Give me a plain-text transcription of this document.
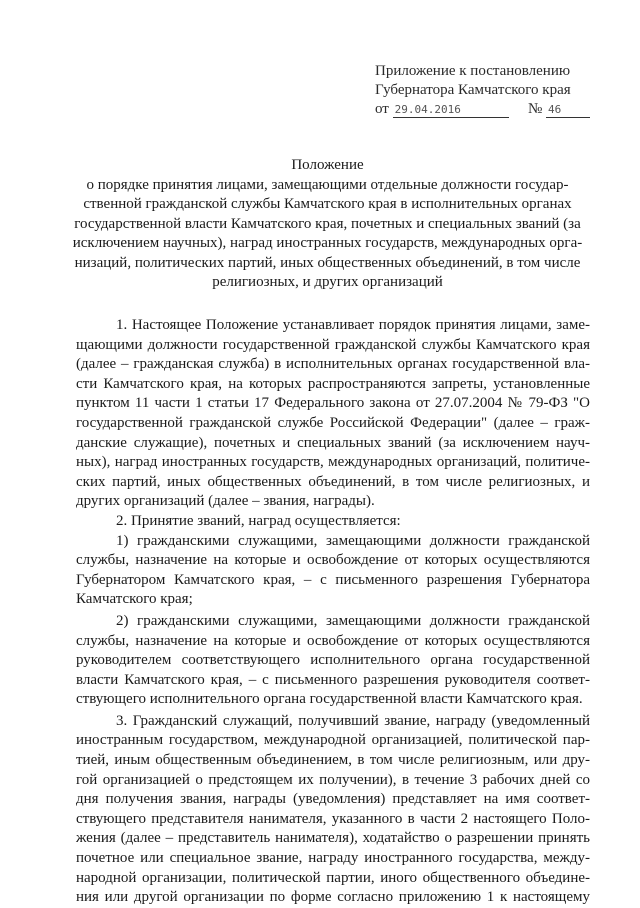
Приложение к постановлению
Губернатора Камчатского края
от 29.04.2016	№ 46
Положение
о порядке принятия лицами, замещающими отдельные должности государ-
ственной гражданской службы Камчатского края в исполнительных органах
государственной власти Камчатского края, почетных и специальных званий (за
исключением научных), наград иностранных государств, международных орга-
низаций, политических партий, иных общественных объединений, в том числе
религиозных, и других организаций
1. Настоящее Положение устанавливает порядок принятия лицами, заме-
щающими должности государственной гражданской службы Камчатского края
(далее – гражданская служба) в исполнительных органах государственной вла-
сти Камчатского края, на которых распространяются запреты, установленные
пунктом 11 части 1 статьи 17 Федерального закона от 27.07.2004 № 79-ФЗ "О
государственной гражданской службе Российской Федерации" (далее – граж-
данские служащие), почетных и специальных званий (за исключением науч-
ных), наград иностранных государств, международных организаций, политиче-
ских партий, иных общественных объединений, в том числе религиозных, и
других организаций (далее – звания, награды).
2. Принятие званий, наград осуществляется:
1) гражданскими служащими, замещающими должности гражданской
службы, назначение на которые и освобождение от которых осуществляются
Губернатором Камчатского края, – с письменного разрешения Губернатора
Камчатского края;
2) гражданскими служащими, замещающими должности гражданской
службы, назначение на которые и освобождение от которых осуществляются
руководителем соответствующего исполнительного органа государственной
власти Камчатского края, – с письменного разрешения руководителя соответ-
ствующего исполнительного органа государственной власти Камчатского края.
3. Гражданский служащий, получивший звание, награду (уведомленный
иностранным государством, международной организацией, политической пар-
тией, иным общественным объединением, в том числе религиозным, или дру-
гой организацией о предстоящем их получении), в течение 3 рабочих дней со
дня получения звания, награды (уведомления) представляет на имя соответ-
ствующего представителя нанимателя, указанного в части 2 настоящего Поло-
жения (далее – представитель нанимателя), ходатайство о разрешении принять
почетное или специальное звание, награду иностранного государства, между-
народной организации, политической партии, иного общественного объедине-
ния или другой организации по форме согласно приложению 1 к настоящему
